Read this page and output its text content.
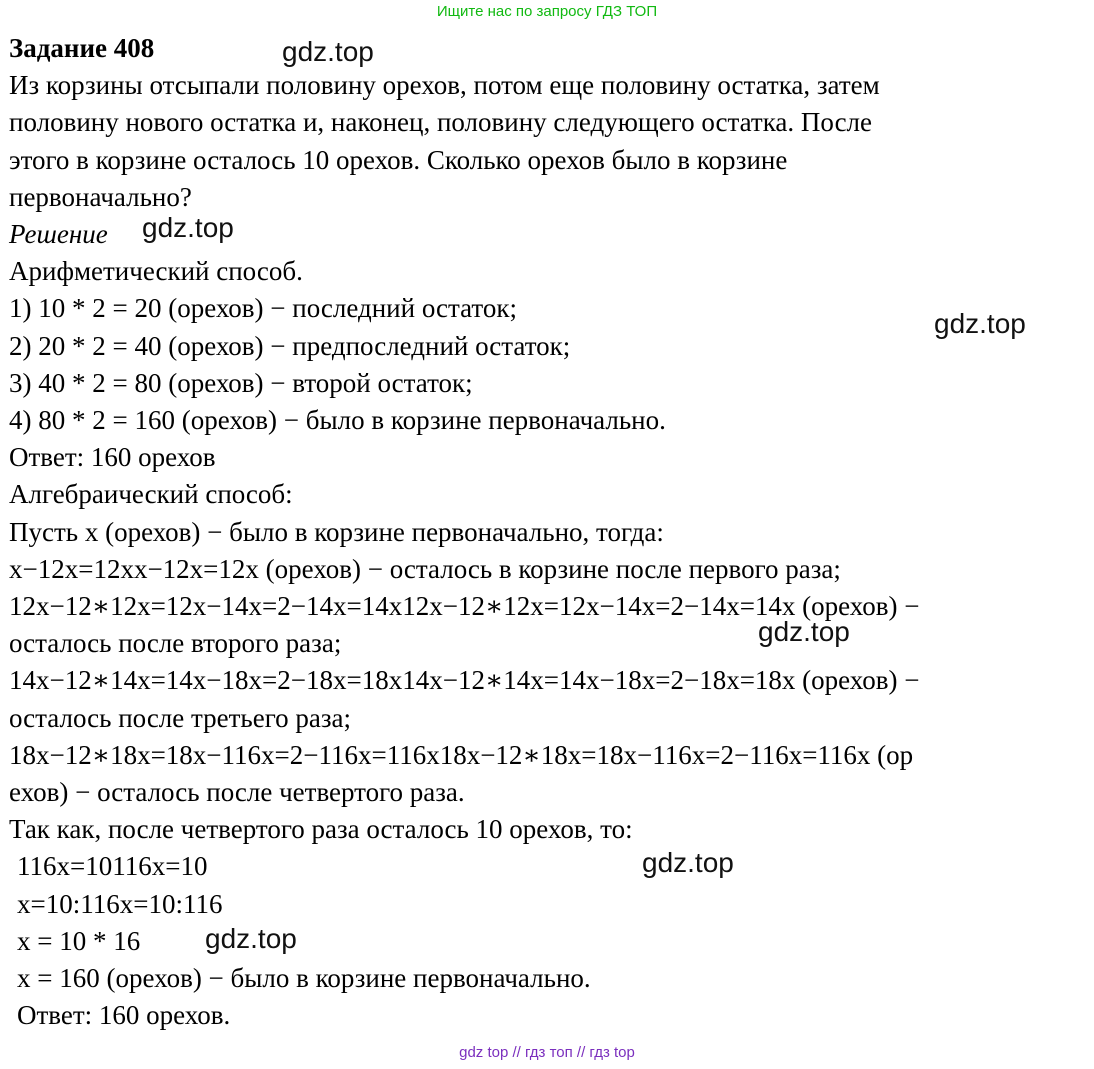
Ищите нас по запросу ГДЗ ТОП

Задание 408

Из корзины отсыпали половину орехов, потом еще половину остатка, затем

половину нового остатка и, наконец, половину следующего остатка. После

этого в корзине осталось 10 орехов. Сколько орехов было в корзине

первоначально?

Решение

Арифметический способ.

1) 10 * 2 = 20 (орехов) − последний остаток;

2) 20 * 2 = 40 (орехов) − предпоследний остаток;

3) 40 * 2 = 80 (орехов) − второй остаток;

4) 80 * 2 = 160 (орехов) − было в корзине первоначально.

Ответ: 160 орехов

Алгебраический способ:

Пусть x (орехов) − было в корзине первоначально, тогда:

x−12x=12xx−12x=12x (орехов) − осталось в корзине после первого раза;

12x−12∗12x=12x−14x=2−14x=14x12x−12∗12x=12x−14x=2−14x=14x (орехов) −

осталось после второго раза;

14x−12∗14x=14x−18x=2−18x=18x14x−12∗14x=14x−18x=2−18x=18x (орехов) −

осталось после третьего раза;

18x−12∗18x=18x−116x=2−116x=116x18x−12∗18x=18x−116x=2−116x=116x (ор

ехов) − осталось после четвертого раза.

Так как, после четвертого раза осталось 10 орехов, то:

116x=10116x=10

x=10:116x=10:116

x = 10 * 16

x = 160 (орехов) − было в корзине первоначально.

Ответ: 160 орехов.

gdz.top
gdz.top
gdz.top
gdz.top
gdz.top
gdz.top
gdz top // гдз топ // гдз top
